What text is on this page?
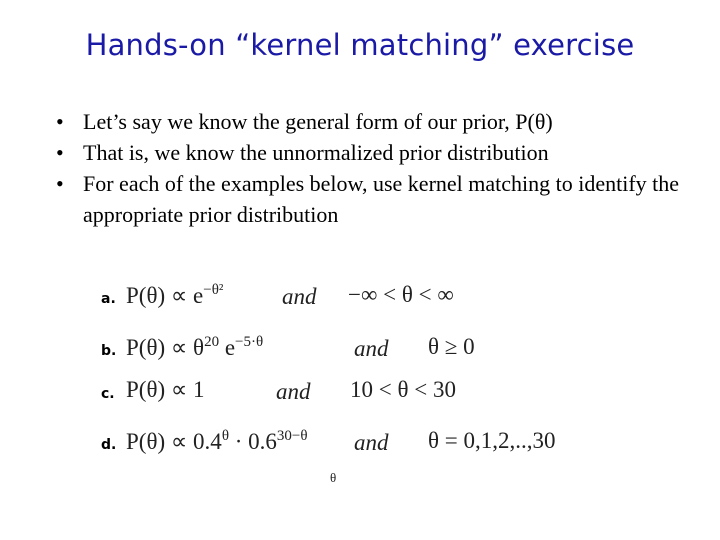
Hands-on “kernel matching” exercise
• Let’s say we know the general form of our prior, P(θ)
• That is, we know the unnormalized prior distribution
• For each of the examples below, use kernel matching to identify the appropriate prior distribution
a. $P(\theta) \propto e^{-\theta^2}$	and −∞ < θ < ∞
b. $P(\theta) \propto \theta^{20}$ $e^{-5\cdot\theta}$	and θ ≥ 0
c. P(θ) ∝ 1	and 10 < θ < 30
d. $P(\theta) \propto 0.4^\theta \cdot 0.6^{30-\theta}$ and θ = 0,1,2,..,30
θ
